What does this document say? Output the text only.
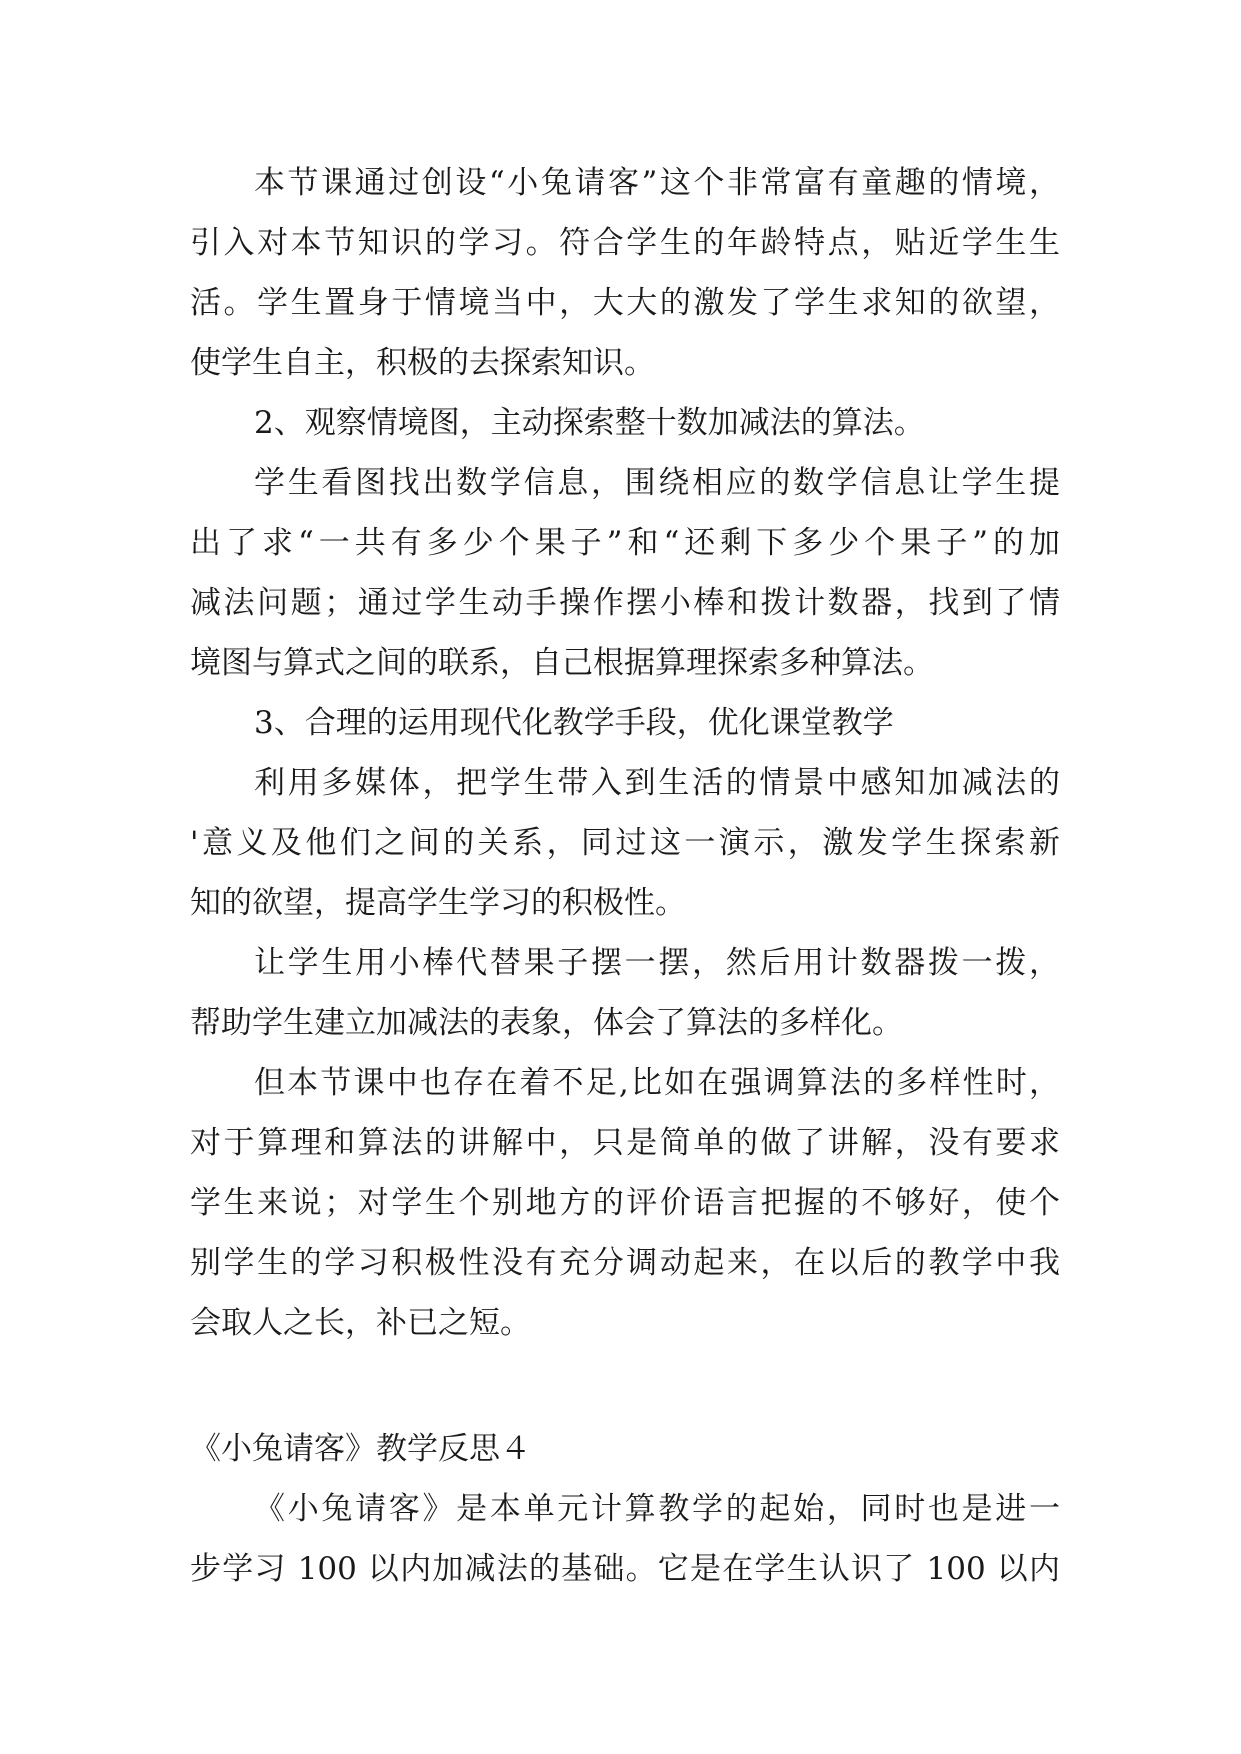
本节课通过创设“小兔请客”这个非常富有童趣的情境，
引入对本节知识的学习。符合学生的年龄特点，贴近学生生
活。学生置身于情境当中，大大的激发了学生求知的欲望，
使学生自主，积极的去探索知识。
2、观察情境图，主动探索整十数加减法的算法。
学生看图找出数学信息，围绕相应的数学信息让学生提
出了求“一共有多少个果子”和“还剩下多少个果子”的加
减法问题；通过学生动手操作摆小棒和拨计数器，找到了情
境图与算式之间的联系，自己根据算理探索多种算法。
3、合理的运用现代化教学手段，优化课堂教学
利用多媒体，把学生带入到生活的情景中感知加减法的
'意义及他们之间的关系，同过这一演示，激发学生探索新
知的欲望，提高学生学习的积极性。
让学生用小棒代替果子摆一摆，然后用计数器拨一拨，
帮助学生建立加减法的表象，体会了算法的多样化。
但本节课中也存在着不足,比如在强调算法的多样性时，
对于算理和算法的讲解中，只是简单的做了讲解，没有要求
学生来说；对学生个别地方的评价语言把握的不够好，使个
别学生的学习积极性没有充分调动起来，在以后的教学中我
会取人之长，补已之短。
《小兔请客》教学反思４
《小兔请客》是本单元计算教学的起始，同时也是进一
步学习 100 以内加减法的基础。它是在学生认识了 100 以内
